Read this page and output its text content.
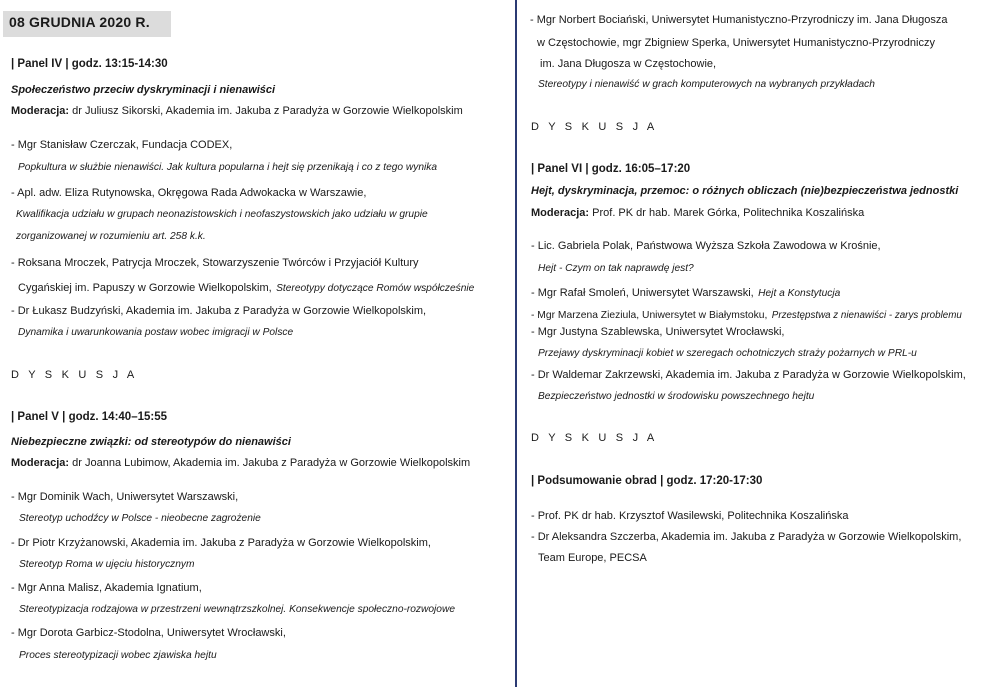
08 GRUDNIA 2020 R.
| Panel IV | godz. 13:15-14:30
Społeczeństwo przeciw dyskryminacji i nienawiści
Moderacja: dr Juliusz Sikorski, Akademia im. Jakuba z Paradyża w Gorzowie Wielkopolskim
- Mgr Stanisław Czerczak, Fundacja CODEX,
Popkultura w służbie nienawiści. Jak kultura popularna i hejt się przenikają i co z tego wynika
- Apl. adw. Eliza Rutynowska, Okręgowa Rada Adwokacka w Warszawie,
Kwalifikacja udziału w grupach neonazistowskich i neofaszystowskich jako udziału w grupie
zorganizowanej w rozumieniu art. 258 k.k.
- Roksana Mroczek, Patrycja Mroczek, Stowarzyszenie Twórców i Przyjaciół Kultury
Cygańskiej im. Papuszy w Gorzowie Wielkopolskim, Stereotypy dotyczące Romów współcześnie
- Dr Łukasz Budzyński, Akademia im. Jakuba z Paradyża w Gorzowie Wielkopolskim,
Dynamika i uwarunkowania postaw wobec imigracji w Polsce
D Y S K U S J A
| Panel V | godz. 14:40–15:55
Niebezpieczne związki: od stereotypów do nienawiści
Moderacja: dr Joanna Lubimow, Akademia im. Jakuba z Paradyża w Gorzowie Wielkopolskim
- Mgr Dominik Wach, Uniwersytet Warszawski,
Stereotyp uchodźcy w Polsce - nieobecne zagrożenie
- Dr Piotr Krzyżanowski, Akademia im. Jakuba z Paradyża w Gorzowie Wielkopolskim,
Stereotyp Roma w ujęciu historycznym
- Mgr Anna Malisz, Akademia Ignatium,
Stereotypizacja rodzajowa w przestrzeni wewnątrzszkolnej. Konsekwencje społeczno-rozwojowe
- Mgr Dorota Garbicz-Stodolna, Uniwersytet Wrocławski,
Proces stereotypizacji wobec zjawiska hejtu
- Mgr Norbert Bociański, Uniwersytet Humanistyczno-Przyrodniczy im. Jana Długosza
w Częstochowie, mgr Zbigniew Sperka, Uniwersytet Humanistyczno-Przyrodniczy
im. Jana Długosza w Częstochowie,
Stereotypy i nienawiść w grach komputerowych na wybranych przykładach
D Y S K U S J A
| Panel VI | godz. 16:05–17:20
Hejt, dyskryminacja, przemoc: o różnych obliczach (nie)bezpieczeństwa jednostki
Moderacja: Prof. PK dr hab. Marek Górka, Politechnika Koszalińska
- Lic. Gabriela Polak, Państwowa Wyższa Szkoła Zawodowa w Krośnie,
Hejt - Czym on tak naprawdę jest?
- Mgr Rafał Smoleń, Uniwersytet Warszawski, Hejt a Konstytucja
- Mgr Marzena Zieziula, Uniwersytet w Białymstoku, Przestępstwa z nienawiści - zarys problemu
- Mgr Justyna Szablewska, Uniwersytet Wrocławski,
Przejawy dyskryminacji kobiet w szeregach ochotniczych straży pożarnych w PRL-u
- Dr Waldemar Zakrzewski, Akademia im. Jakuba z Paradyża w Gorzowie Wielkopolskim,
Bezpieczeństwo jednostki w środowisku powszechnego hejtu
D Y S K U S J A
| Podsumowanie obrad | godz. 17:20-17:30
- Prof. PK dr hab. Krzysztof Wasilewski, Politechnika Koszalińska
- Dr Aleksandra Szczerba, Akademia im. Jakuba z Paradyża w Gorzowie Wielkopolskim,
Team Europe, PECSA
